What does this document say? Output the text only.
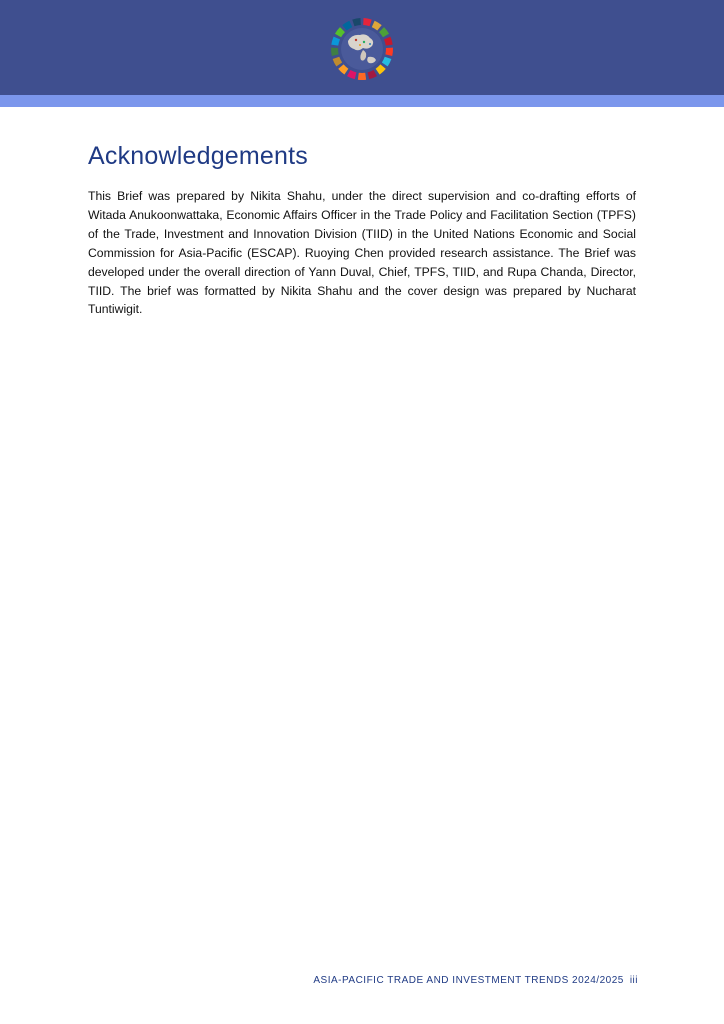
Acknowledgements

This Brief was prepared by Nikita Shahu, under the direct supervision and co-drafting efforts of Witada Anukoonwattaka, Economic Affairs Officer in the Trade Policy and Facilitation Section (TPFS) of the Trade, Investment and Innovation Division (TIID) in the United Nations Economic and Social Commission for Asia-Pacific (ESCAP). Ruoying Chen provided research assistance. The Brief was developed under the overall direction of Yann Duval, Chief, TPFS, TIID, and Rupa Chanda, Director, TIID. The brief was formatted by Nikita Shahu and the cover design was prepared by Nucharat Tuntiwigit.

ASIA-PACIFIC TRADE AND INVESTMENT TRENDS 2024/2025 iii
